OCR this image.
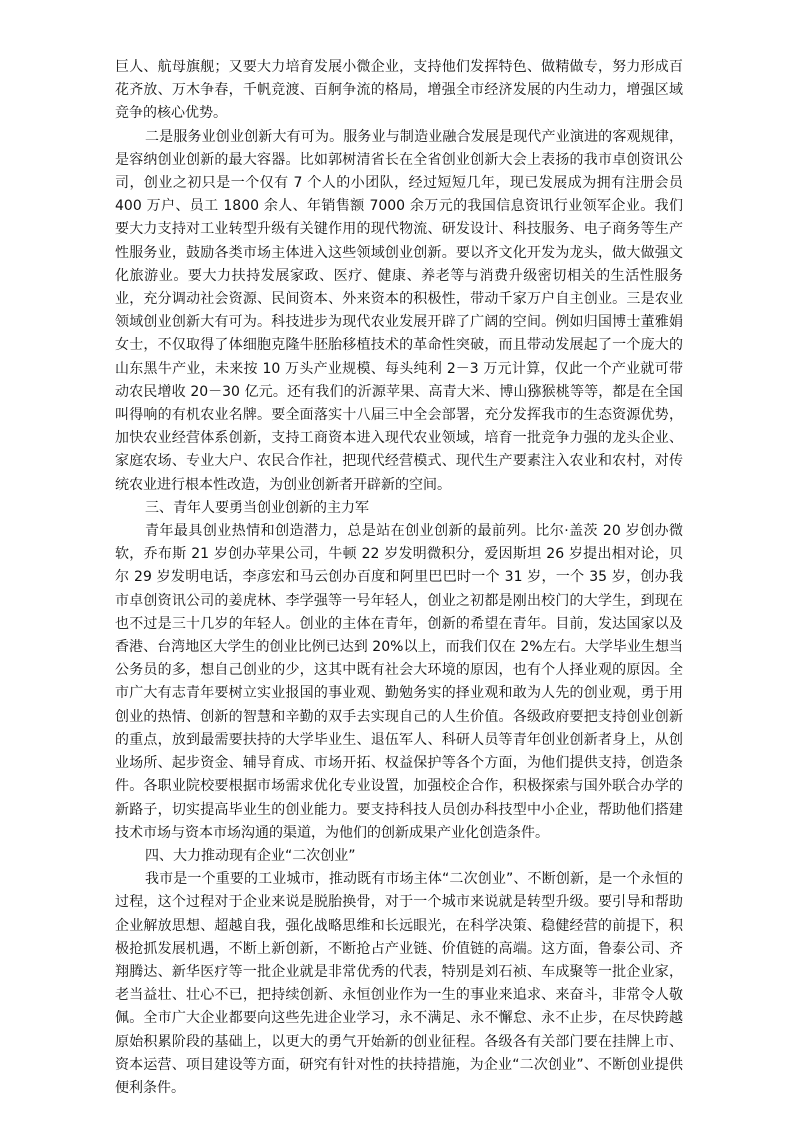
巨人、航母旗舰；又要大力培育发展小微企业，支持他们发挥特色、做精做专，努力形成百花齐放、万木争春，千帆竞渡、百舸争流的格局，增强全市经济发展的内生动力，增强区域竞争的核心优势。

二是服务业创业创新大有可为。服务业与制造业融合发展是现代产业演进的客观规律，是容纳创业创新的最大容器。比如郭树清省长在全省创业创新大会上表扬的我市卓创资讯公司，创业之初只是一个仅有 7 个人的小团队，经过短短几年，现已发展成为拥有注册会员 400 万户、员工 1800 余人、年销售额 7000 余万元的我国信息资讯行业领军企业。我们要大力支持对工业转型升级有关键作用的现代物流、研发设计、科技服务、电子商务等生产性服务业，鼓励各类市场主体进入这些领域创业创新。要以齐文化开发为龙头，做大做强文化旅游业。要大力扶持发展家政、医疗、健康、养老等与消费升级密切相关的生活性服务业，充分调动社会资源、民间资本、外来资本的积极性，带动千家万户自主创业。三是农业领域创业创新大有可为。科技进步为现代农业发展开辟了广阔的空间。例如归国博士董雅娟女士，不仅取得了体细胞克隆牛胚胎移植技术的革命性突破，而且带动发展起了一个庞大的山东黑牛产业，未来按 10 万头产业规模、每头纯利 2－3 万元计算，仅此一个产业就可带动农民增收 20－30 亿元。还有我们的沂源苹果、高青大米、博山猕猴桃等等，都是在全国叫得响的有机农业名牌。要全面落实十八届三中全会部署，充分发挥我市的生态资源优势，加快农业经营体系创新，支持工商资本进入现代农业领域，培育一批竞争力强的龙头企业、家庭农场、专业大户、农民合作社，把现代经营模式、现代生产要素注入农业和农村，对传统农业进行根本性改造，为创业创新者开辟新的空间。

三、青年人要勇当创业创新的主力军

青年最具创业热情和创造潜力，总是站在创业创新的最前列。比尔·盖茨 20 岁创办微软，乔布斯 21 岁创办苹果公司，牛顿 22 岁发明微积分，爱因斯坦 26 岁提出相对论，贝尔 29 岁发明电话，李彦宏和马云创办百度和阿里巴巴时一个 31 岁，一个 35 岁，创办我市卓创资讯公司的姜虎林、李学强等一号年轻人，创业之初都是刚出校门的大学生，到现在也不过是三十几岁的年轻人。创业的主体在青年，创新的希望在青年。目前，发达国家以及香港、台湾地区大学生的创业比例已达到 20%以上，而我们仅在 2%左右。大学毕业生想当公务员的多，想自己创业的少，这其中既有社会大环境的原因，也有个人择业观的原因。全市广大有志青年要树立实业报国的事业观、勤勉务实的择业观和敢为人先的创业观，勇于用创业的热情、创新的智慧和辛勤的双手去实现自己的人生价值。各级政府要把支持创业创新的重点，放到最需要扶持的大学毕业生、退伍军人、科研人员等青年创业创新者身上，从创业场所、起步资金、辅导育成、市场开拓、权益保护等各个方面，为他们提供支持，创造条件。各职业院校要根据市场需求优化专业设置，加强校企合作，积极探索与国外联合办学的新路子，切实提高毕业生的创业能力。要支持科技人员创办科技型中小企业，帮助他们搭建技术市场与资本市场沟通的渠道，为他们的创新成果产业化创造条件。

四、大力推动现有企业“二次创业”

我市是一个重要的工业城市，推动既有市场主体“二次创业”、不断创新，是一个永恒的过程，这个过程对于企业来说是脱胎换骨，对于一个城市来说就是转型升级。要引导和帮助企业解放思想、超越自我，强化战略思维和长远眼光，在科学决策、稳健经营的前提下，积极抢抓发展机遇，不断上新创新，不断抢占产业链、价值链的高端。这方面，鲁泰公司、齐翔腾达、新华医疗等一批企业就是非常优秀的代表，特别是刘石祯、车成聚等一批企业家，老当益壮、壮心不已，把持续创新、永恒创业作为一生的事业来追求、来奋斗，非常令人敬佩。全市广大企业都要向这些先进企业学习，永不满足、永不懈怠、永不止步，在尽快跨越原始积累阶段的基础上，以更大的勇气开始新的创业征程。各级各有关部门要在挂牌上市、资本运营、项目建设等方面，研究有针对性的扶持措施，为企业“二次创业”、不断创业提供便利条件。
